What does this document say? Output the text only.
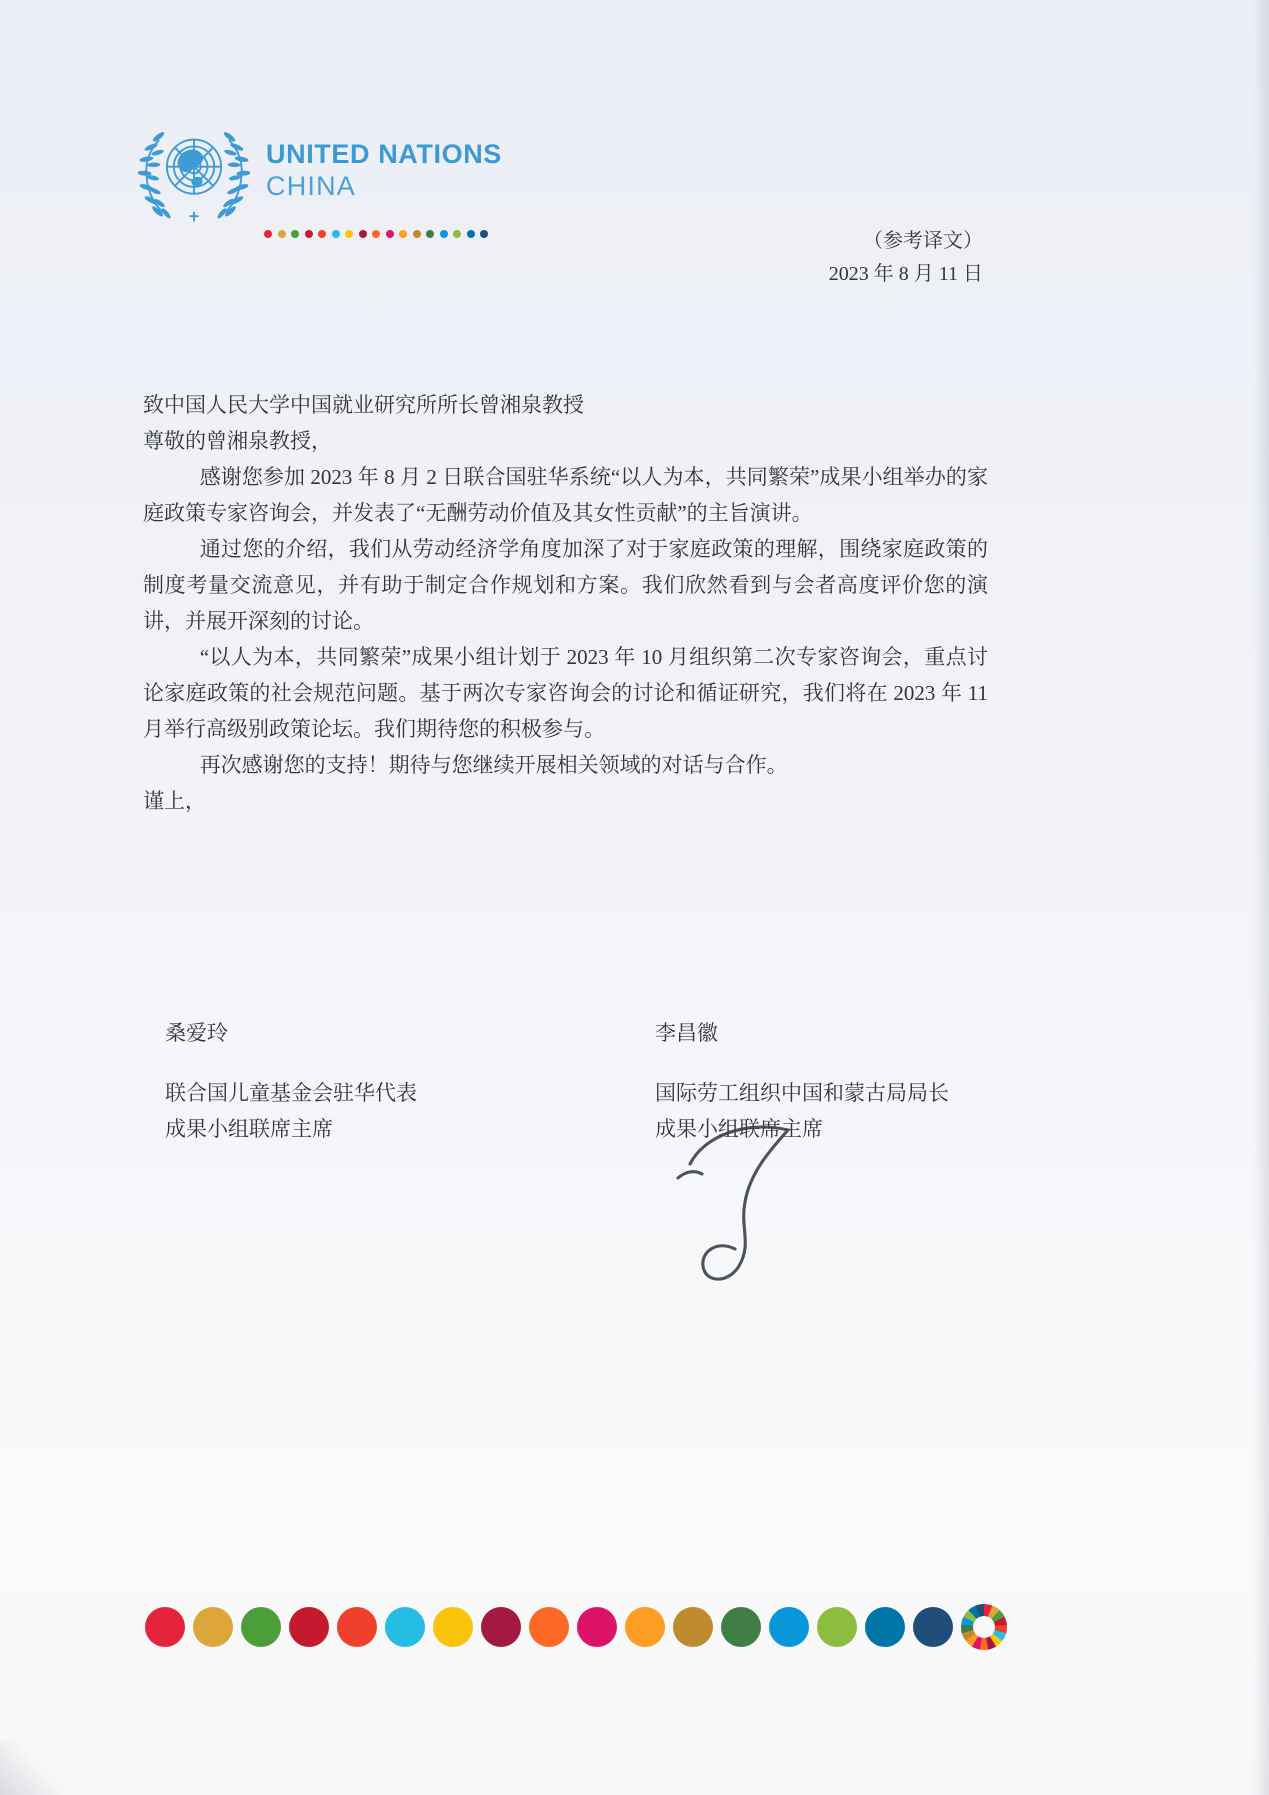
UNITED NATIONS
CHINA
（参考译文）
2023 年 8 月 11 日

致中国人民大学中国就业研究所所长曾湘泉教授

尊敬的曾湘泉教授，

感谢您参加 2023 年 8 月 2 日联合国驻华系统“以人为本，共同繁荣”成果小组举办的家庭政策专家咨询会，并发表了“无酬劳动价值及其女性贡献”的主旨演讲。

通过您的介绍，我们从劳动经济学角度加深了对于家庭政策的理解，围绕家庭政策的制度考量交流意见，并有助于制定合作规划和方案。我们欣然看到与会者高度评价您的演讲，并展开深刻的讨论。

“以人为本，共同繁荣”成果小组计划于 2023 年 10 月组织第二次专家咨询会，重点讨论家庭政策的社会规范问题。基于两次专家咨询会的讨论和循证研究，我们将在 2023 年 11 月举行高级别政策论坛。我们期待您的积极参与。

再次感谢您的支持！期待与您继续开展相关领域的对话与合作。

谨上，

桑爱玲	李昌徽
联合国儿童基金会驻华代表
成果小组联席主席
国际劳工组织中国和蒙古局局长
成果小组联席主席
